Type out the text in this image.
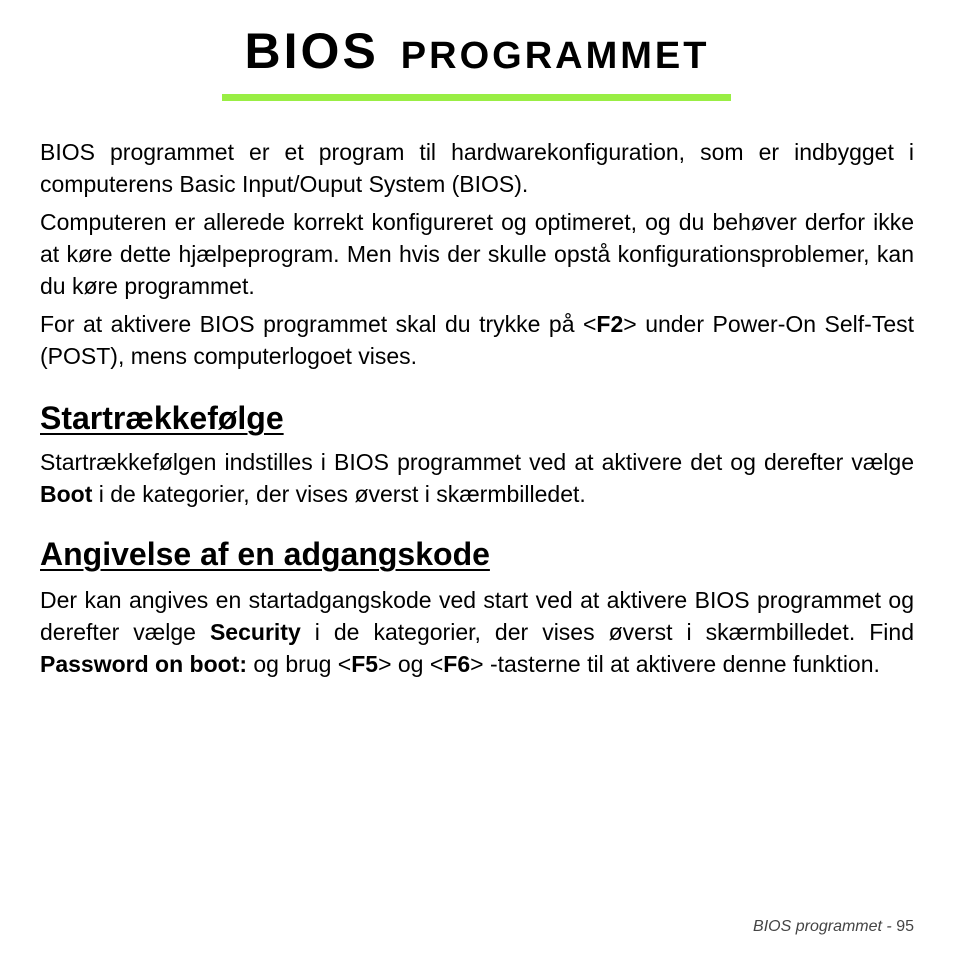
BIOS PROGRAMMET

BIOS programmet er et program til hardwarekonfiguration, som er indbygget i computerens Basic Input/Ouput System (BIOS).

Computeren er allerede korrekt konfigureret og optimeret, og du behøver derfor ikke at køre dette hjælpeprogram. Men hvis der skulle opstå konfigurationsproblemer, kan du køre programmet.

For at aktivere BIOS programmet skal du trykke på <F2> under Power-On Self-Test (POST), mens computerlogoet vises.

Startrækkefølge

Startrækkefølgen indstilles i BIOS programmet ved at aktivere det og derefter vælge Boot i de kategorier, der vises øverst i skærmbilledet.

Angivelse af en adgangskode

Der kan angives en startadgangskode ved start ved at aktivere BIOS programmet og derefter vælge Security i de kategorier, der vises øverst i skærmbilledet. Find Password on boot: og brug <F5> og <F6> -tasterne til at aktivere denne funktion.

BIOS programmet - 95
